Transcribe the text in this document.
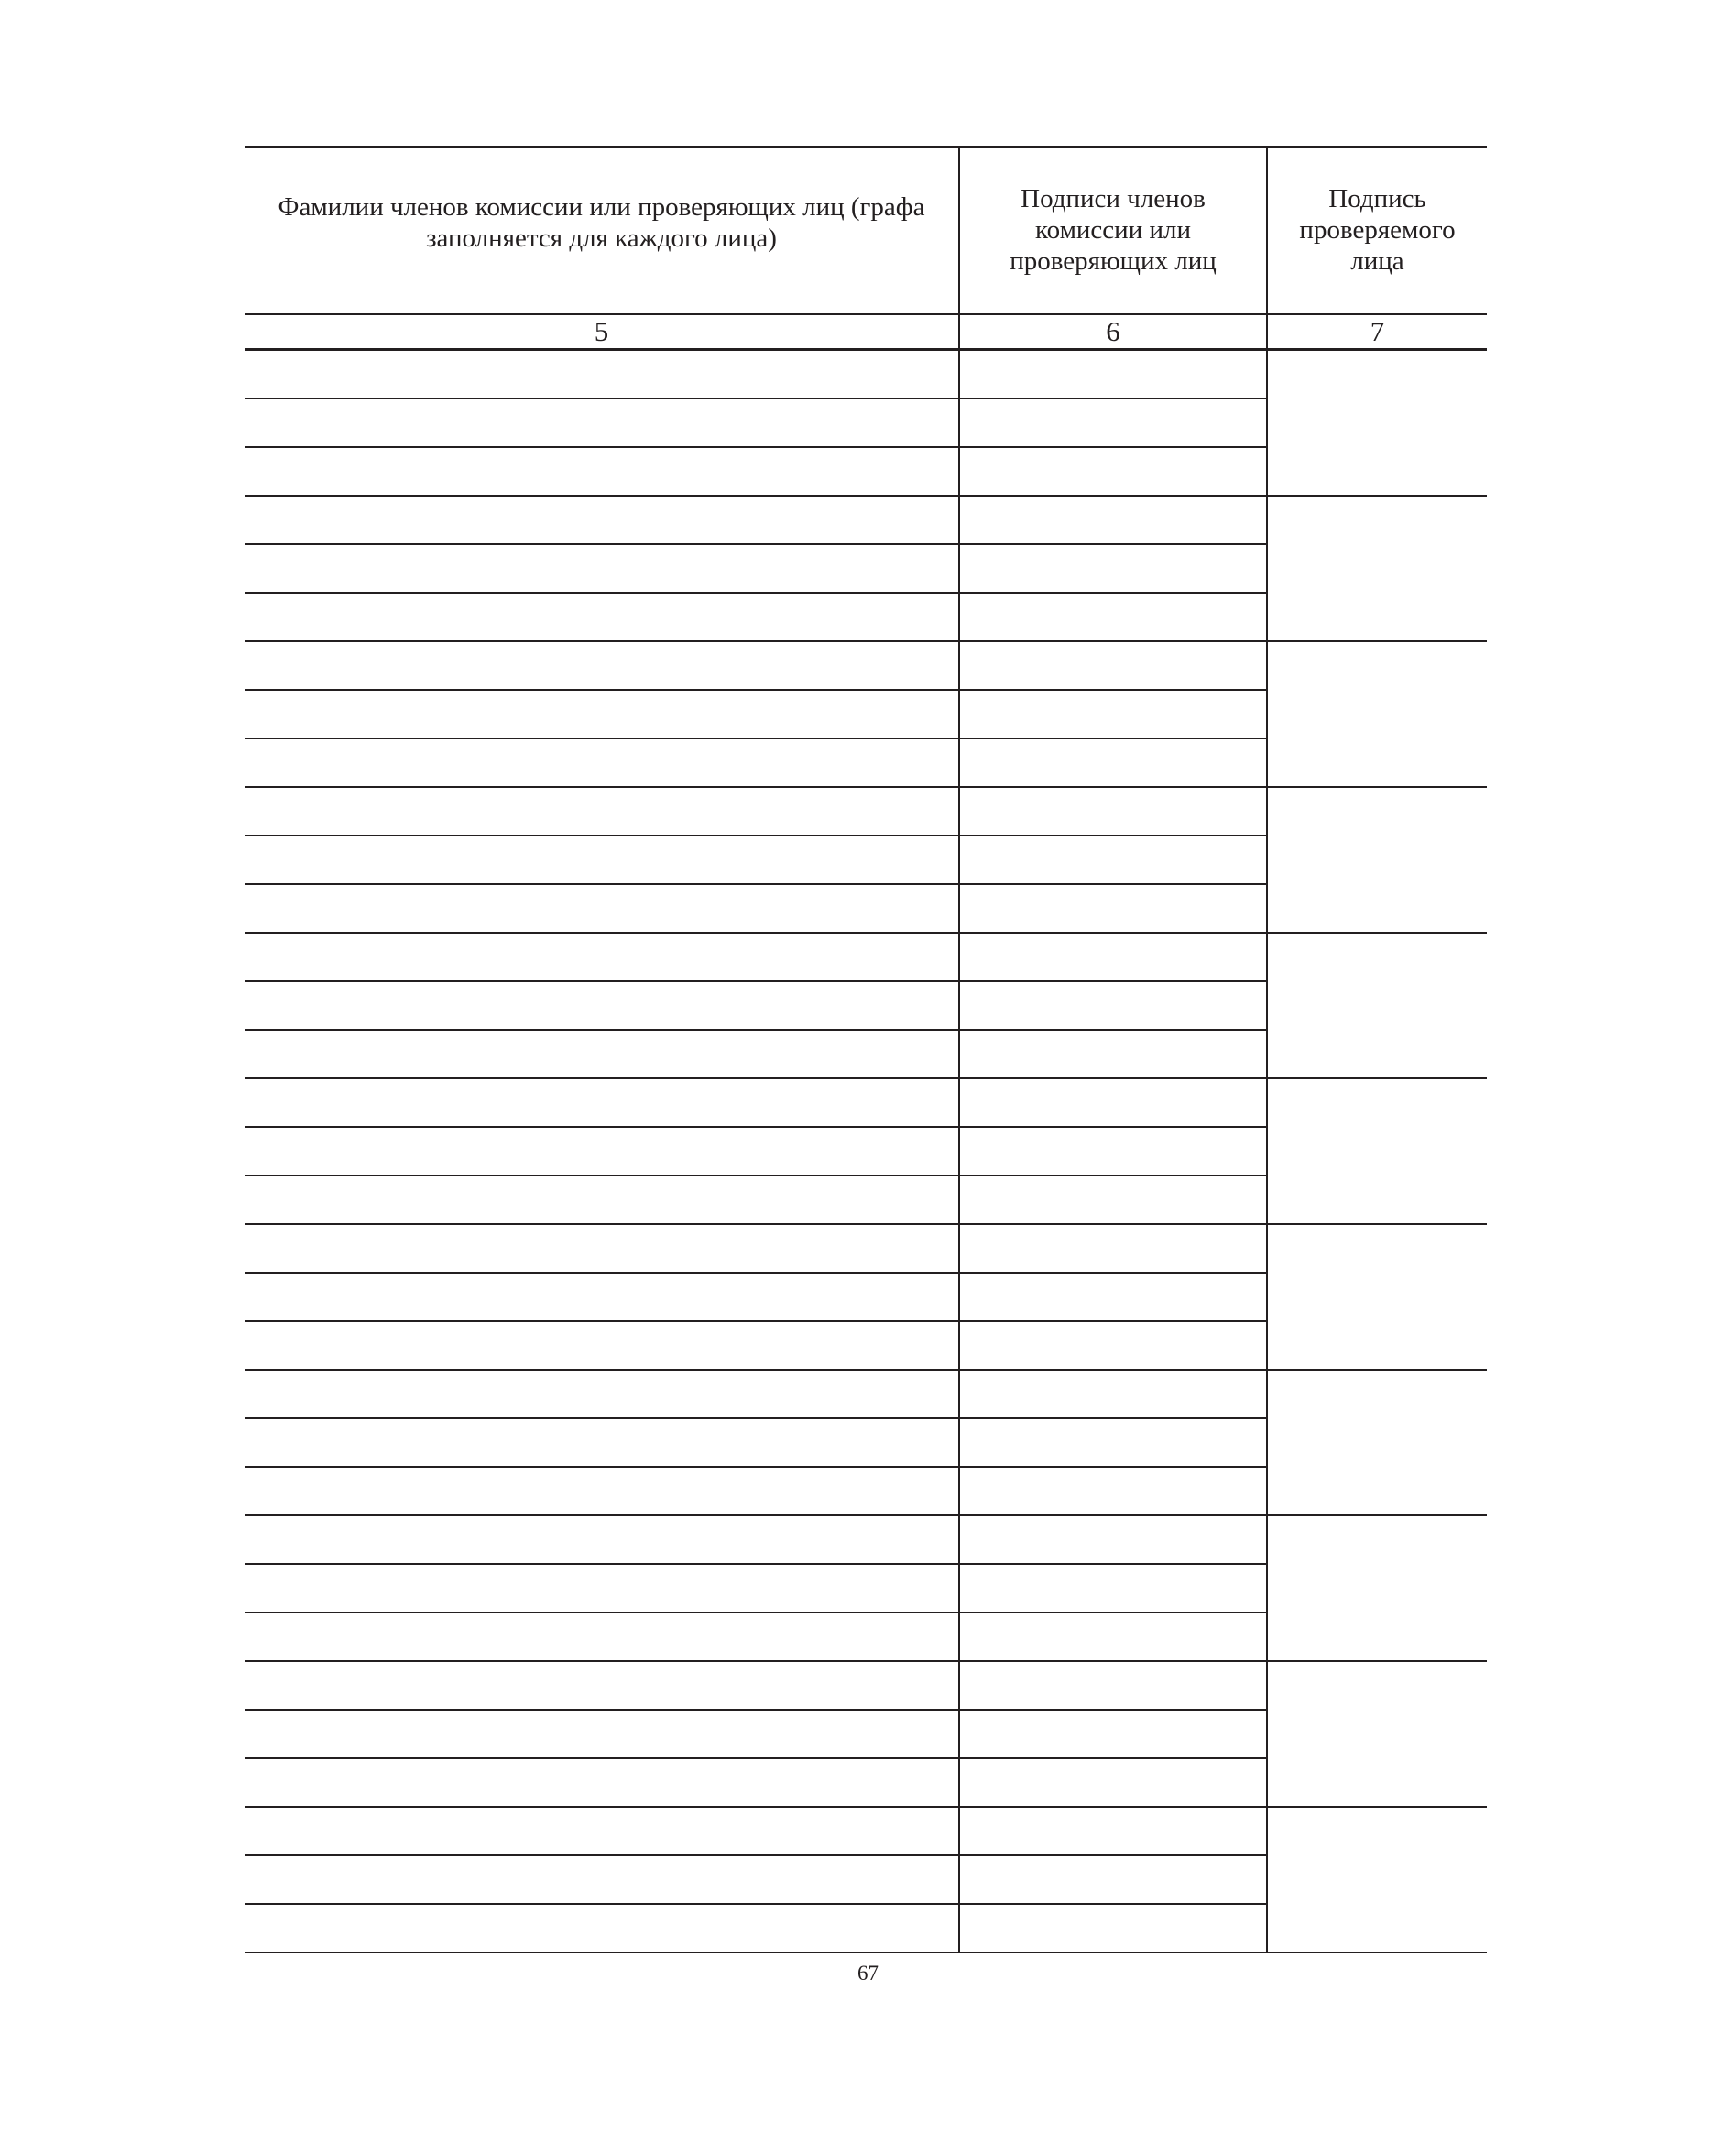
Фамилии членов комиссии или проверяющих лиц (графа заполняется для каждого лица)	Подписи членов комиссии или проверяющих лиц	Подпись проверяемого лица
5	6	7

67
